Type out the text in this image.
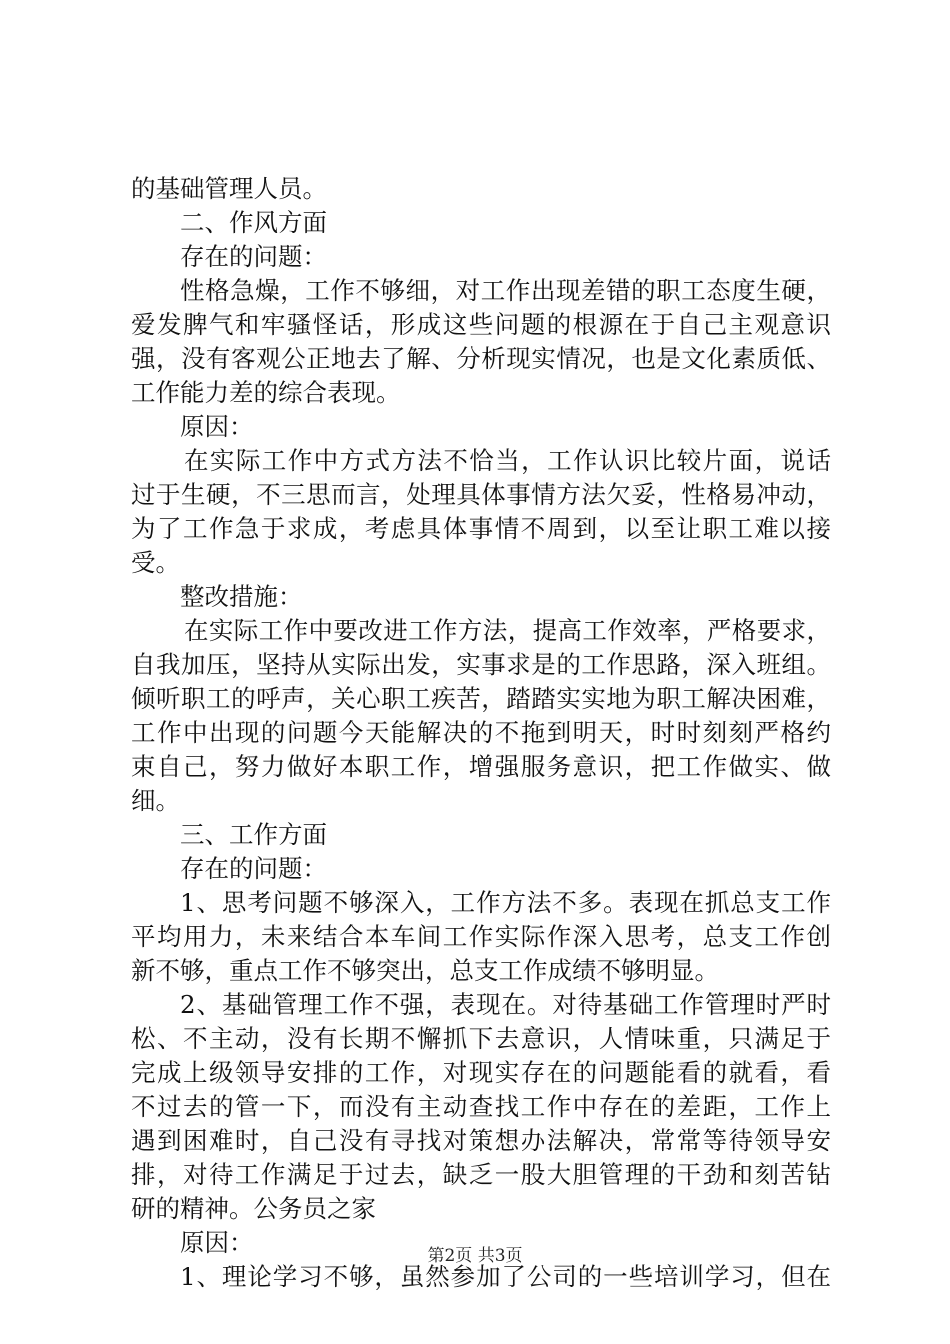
的基础管理人员。
二、作风方面
存在的问题：
性格急燥，工作不够细，对工作出现差错的职工态度生硬，
爱发脾气和牢骚怪话，形成这些问题的根源在于自己主观意识
强，没有客观公正地去了解、分析现实情况，也是文化素质低、
工作能力差的综合表现。
原因：
在实际工作中方式方法不恰当，工作认识比较片面，说话
过于生硬，不三思而言，处理具体事情方法欠妥，性格易冲动，
为了工作急于求成，考虑具体事情不周到，以至让职工难以接
受。
整改措施：
在实际工作中要改进工作方法，提高工作效率，严格要求，
自我加压，坚持从实际出发，实事求是的工作思路，深入班组。
倾听职工的呼声，关心职工疾苦，踏踏实实地为职工解决困难，
工作中出现的问题今天能解决的不拖到明天，时时刻刻严格约
束自己，努力做好本职工作，增强服务意识，把工作做实、做
细。
三、工作方面
存在的问题：
1、思考问题不够深入，工作方法不多。表现在抓总支工作
平均用力，未来结合本车间工作实际作深入思考，总支工作创
新不够，重点工作不够突出，总支工作成绩不够明显。
2、基础管理工作不强，表现在。对待基础工作管理时严时
松、不主动，没有长期不懈抓下去意识，人情味重，只满足于
完成上级领导安排的工作，对现实存在的问题能看的就看，看
不过去的管一下，而没有主动查找工作中存在的差距，工作上
遇到困难时，自己没有寻找对策想办法解决，常常等待领导安
排，对待工作满足于过去，缺乏一股大胆管理的干劲和刻苦钻
研的精神。公务员之家
原因：
1、理论学习不够，虽然参加了公司的一些培训学习，但在
第2页 共3页
